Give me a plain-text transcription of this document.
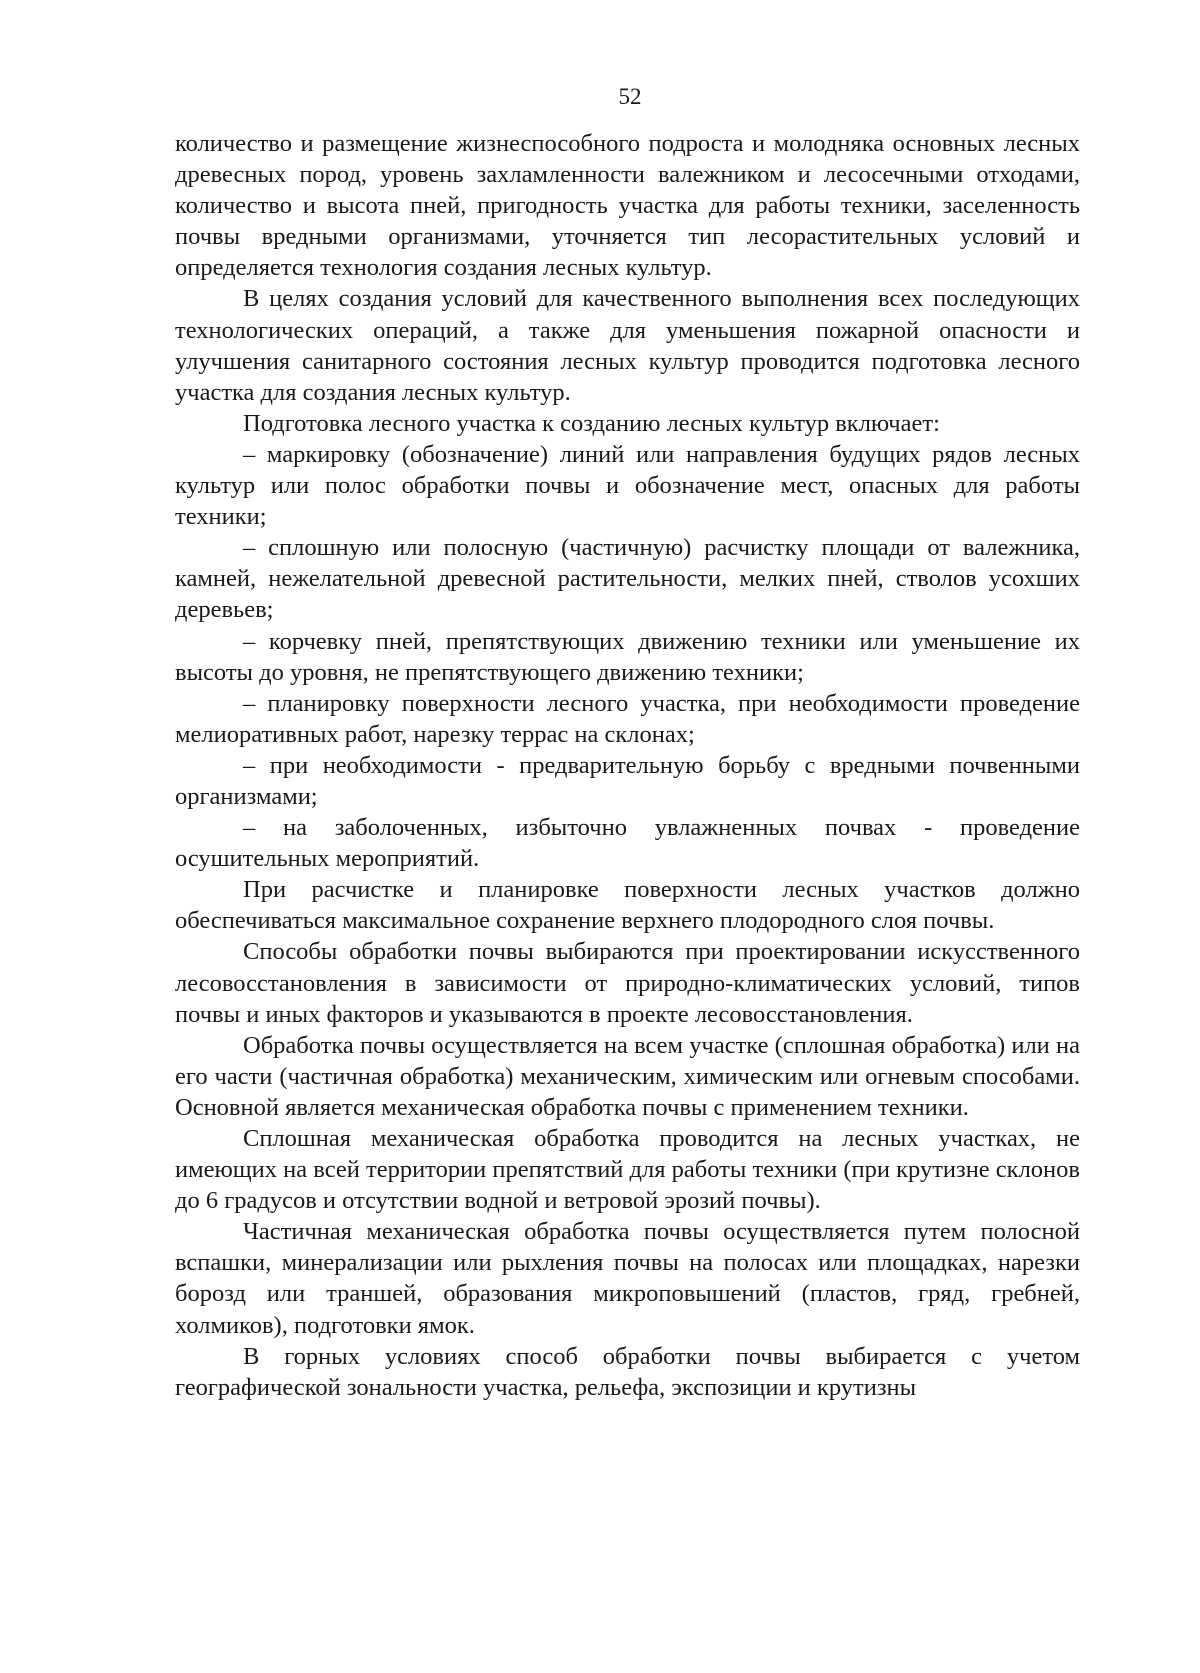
52

количество и размещение жизнеспособного подроста и молодняка основных лесных древесных пород, уровень захламленности валежником и лесосечными отходами, количество и высота пней, пригодность участка для работы техники, заселенность почвы вредными организмами, уточняется тип лесорастительных условий и определяется технология создания лесных культур.

В целях создания условий для качественного выполнения всех последующих технологических операций, а также для уменьшения пожарной опасности и улучшения санитарного состояния лесных культур проводится подготовка лесного участка для создания лесных культур.

Подготовка лесного участка к созданию лесных культур включает:

– маркировку (обозначение) линий или направления будущих рядов лесных культур или полос обработки почвы и обозначение мест, опасных для работы техники;

– сплошную или полосную (частичную) расчистку площади от валежника, камней, нежелательной древесной растительности, мелких пней, стволов усохших деревьев;

– корчевку пней, препятствующих движению техники или уменьшение их высоты до уровня, не препятствующего движению техники;

– планировку поверхности лесного участка, при необходимости проведение мелиоративных работ, нарезку террас на склонах;

– при необходимости - предварительную борьбу с вредными почвенными организмами;

– на заболоченных, избыточно увлажненных почвах - проведение осушительных мероприятий.

При расчистке и планировке поверхности лесных участков должно обеспечиваться максимальное сохранение верхнего плодородного слоя почвы.

Способы обработки почвы выбираются при проектировании искусственного лесовосстановления в зависимости от природно-климатических условий, типов почвы и иных факторов и указываются в проекте лесовосстановления.

Обработка почвы осуществляется на всем участке (сплошная обработка) или на его части (частичная обработка) механическим, химическим или огневым способами. Основной является механическая обработка почвы с применением техники.

Сплошная механическая обработка проводится на лесных участках, не имеющих на всей территории препятствий для работы техники (при крутизне склонов до 6 градусов и отсутствии водной и ветровой эрозий почвы).

Частичная механическая обработка почвы осуществляется путем полосной вспашки, минерализации или рыхления почвы на полосах или площадках, нарезки борозд или траншей, образования микроповышений (пластов, гряд, гребней, холмиков), подготовки ямок.

В горных условиях способ обработки почвы выбирается с учетом географической зональности участка, рельефа, экспозиции и крутизны
